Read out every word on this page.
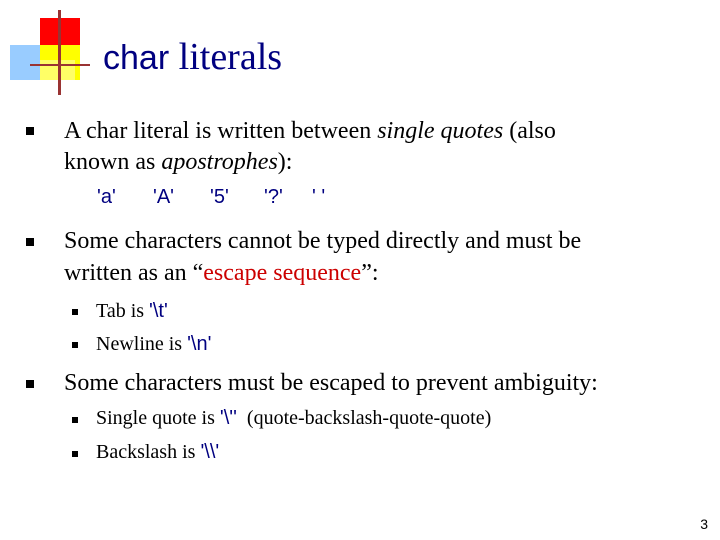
char literals
A char literal is written between single quotes (also
known as apostrophes):
'a' 'A' '5' '?' ' '
Some characters cannot be typed directly and must be
written as an “escape sequence”:
Tab is '\t'
Newline is '\n'
Some characters must be escaped to prevent ambiguity:
Single quote is '\''  (quote-backslash-quote-quote)
Backslash is '\\'
3
